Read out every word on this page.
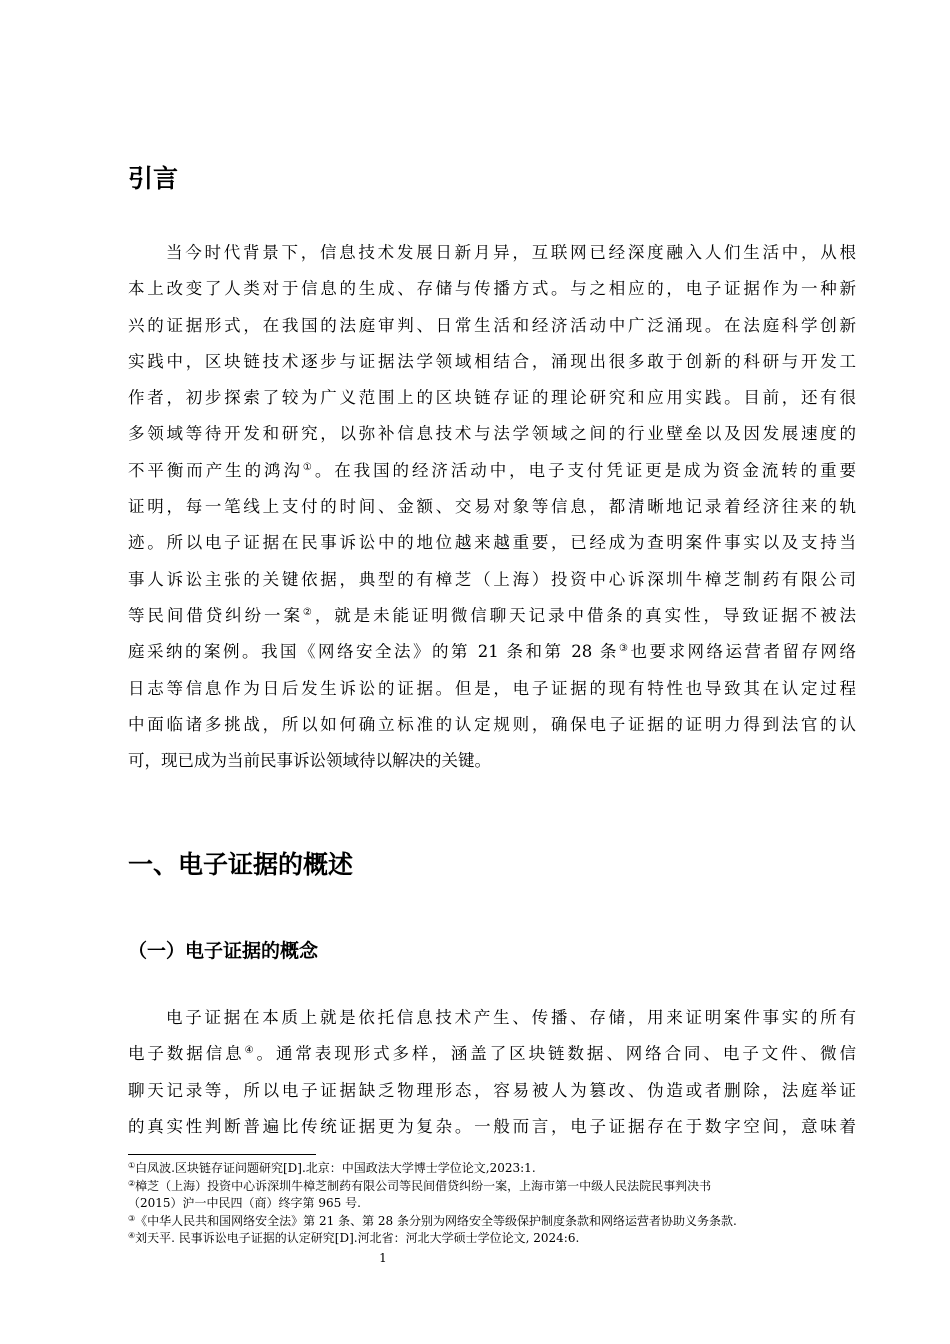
引言
当今时代背景下，信息技术发展日新月异，互联网已经深度融入人们生活中，从根
本上改变了人类对于信息的生成、存储与传播方式。与之相应的，电子证据作为一种新
兴的证据形式，在我国的法庭审判、日常生活和经济活动中广泛涌现。在法庭科学创新
实践中，区块链技术逐步与证据法学领域相结合，涌现出很多敢于创新的科研与开发工
作者，初步探索了较为广义范围上的区块链存证的理论研究和应用实践。目前，还有很
多领域等待开发和研究，以弥补信息技术与法学领域之间的行业壁垒以及因发展速度的
不平衡而产生的鸿沟①。在我国的经济活动中，电子支付凭证更是成为资金流转的重要
证明，每一笔线上支付的时间、金额、交易对象等信息，都清晰地记录着经济往来的轨
迹。所以电子证据在民事诉讼中的地位越来越重要，已经成为查明案件事实以及支持当
事人诉讼主张的关键依据，典型的有樟芝（上海）投资中心诉深圳牛樟芝制药有限公司
等民间借贷纠纷一案②，就是未能证明微信聊天记录中借条的真实性，导致证据不被法
庭采纳的案例。我国《网络安全法》的第 21 条和第 28 条③也要求网络运营者留存网络
日志等信息作为日后发生诉讼的证据。但是，电子证据的现有特性也导致其在认定过程
中面临诸多挑战，所以如何确立标准的认定规则，确保电子证据的证明力得到法官的认
可，现已成为当前民事诉讼领域待以解决的关键。
一、电子证据的概述
（一）电子证据的概念
电子证据在本质上就是依托信息技术产生、传播、存储，用来证明案件事实的所有
电子数据信息④。通常表现形式多样，涵盖了区块链数据、网络合同、电子文件、微信
聊天记录等，所以电子证据缺乏物理形态，容易被人为篡改、伪造或者删除，法庭举证
的真实性判断普遍比传统证据更为复杂。一般而言，电子证据存在于数字空间，意味着
①白凤波.区块链存证问题研究[D].北京：中国政法大学博士学位论文,2023:1.
②樟芝（上海）投资中心诉深圳牛樟芝制药有限公司等民间借贷纠纷一案，上海市第一中级人民法院民事判决书
（2015）沪一中民四（商）终字第 965 号.
③《中华人民共和国网络安全法》第 21 条、第 28 条分别为网络安全等级保护制度条款和网络运营者协助义务条款.
④刘天平. 民事诉讼电子证据的认定研究[D].河北省：河北大学硕士学位论文, 2024:6.
1
